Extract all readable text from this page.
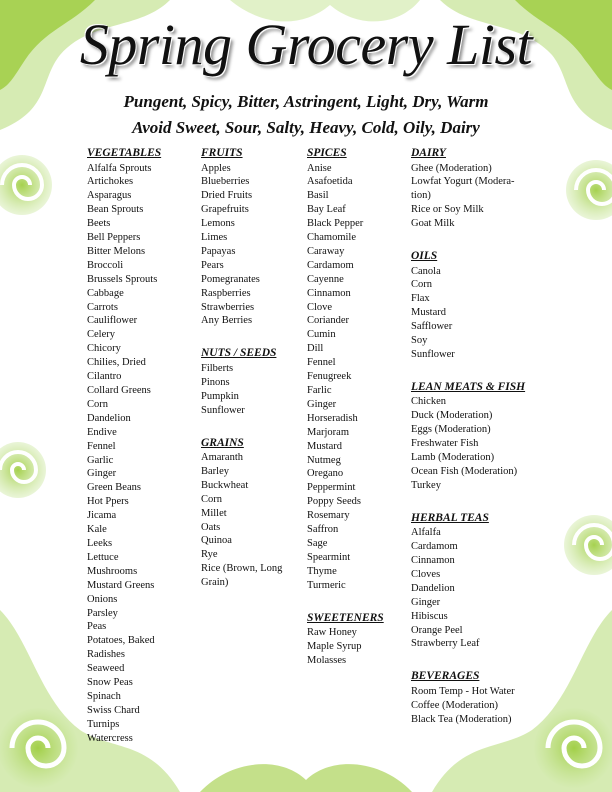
Spring Grocery List
Pungent, Spicy, Bitter, Astringent, Light, Dry, Warm
Avoid Sweet, Sour, Salty, Heavy, Cold, Oily, Dairy
VEGETABLES
Alfalfa Sprouts
Artichokes
Asparagus
Bean Sprouts
Beets
Bell Peppers
Bitter Melons
Broccoli
Brussels Sprouts
Cabbage
Carrots
Cauliflower
Celery
Chicory
Chilies, Dried
Cilantro
Collard Greens
Corn
Dandelion
Endive
Fennel
Garlic
Ginger
Green Beans
Hot Ppers
Jicama
Kale
Leeks
Lettuce
Mushrooms
Mustard Greens
Onions
Parsley
Peas
Potatoes, Baked
Radishes
Seaweed
Snow Peas
Spinach
Swiss Chard
Turnips
Watercress
FRUITS
Apples
Blueberries
Dried Fruits
Grapefruits
Lemons
Limes
Papayas
Pears
Pomegranates
Raspberries
Strawberries
Any Berries
NUTS / SEEDS
Filberts
Pinons
Pumpkin
Sunflower
GRAINS
Amaranth
Barley
Buckwheat
Corn
Millet
Oats
Quinoa
Rye
Rice (Brown, Long Grain)
SPICES
Anise
Asafoetida
Basil
Bay Leaf
Black Pepper
Chamomile
Caraway
Cardamom
Cayenne
Cinnamon
Clove
Coriander
Cumin
Dill
Fennel
Fenugreek
Farlic
Ginger
Horseradish
Marjoram
Mustard
Nutmeg
Oregano
Peppermint
Poppy Seeds
Rosemary
Saffron
Sage
Spearmint
Thyme
Turmeric
SWEETENERS
Raw Honey
Maple Syrup
Molasses
DAIRY
Ghee (Moderation)
Lowfat Yogurt (Modera-tion)
Rice or Soy Milk
Goat Milk
OILS
Canola
Corn
Flax
Mustard
Safflower
Soy
Sunflower
LEAN MEATS & FISH
Chicken
Duck (Moderation)
Eggs (Moderation)
Freshwater Fish
Lamb (Moderation)
Ocean Fish (Moderation)
Turkey
HERBAL TEAS
Alfalfa
Cardamom
Cinnamon
Cloves
Dandelion
Ginger
Hibiscus
Orange Peel
Strawberry Leaf
BEVERAGES
Room Temp - Hot Water
Coffee (Moderation)
Black Tea (Moderation)
